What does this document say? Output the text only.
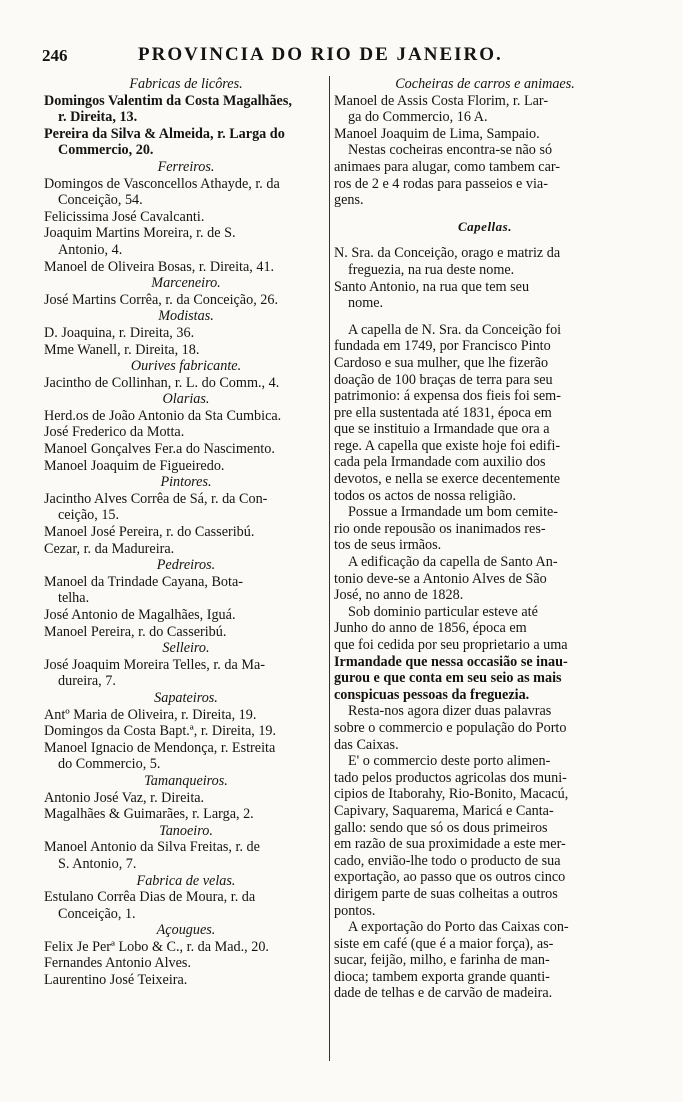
246	PROVINCIA DO RIO DE JANEIRO.
Fabricas de licôres.
Domingos Valentim da Costa Magalhães,
r. Direita, 13.
Pereira da Silva & Almeida, r. Larga do
Commercio, 20.
Ferreiros.
Domingos de Vasconcellos Athayde, r. da
Conceição, 54.
Felicissima José Cavalcanti.
Joaquim Martins Moreira, r. de S.
Antonio, 4.
Manoel de Oliveira Bosas, r. Direita, 41.
Marceneiro.
José Martins Corrêa, r. da Conceição, 26.
Modistas.
D. Joaquina, r. Direita, 36.
Mme Wanell, r. Direita, 18.
Ourives fabricante.
Jacintho de Collinhan, r. L. do Comm., 4.
Olarias.
Herd.os de João Antonio da Sta Cumbica.
José Frederico da Motta.
Manoel Gonçalves Fer.a do Nascimento.
Manoel Joaquim de Figueiredo.
Pintores.
Jacintho Alves Corrêa de Sá, r. da Con-
ceição, 15.
Manoel José Pereira, r. do Casseribú.
Cezar, r. da Madureira.
Pedreiros.
Manoel da Trindade Cayana, Bota-
telha.
José Antonio de Magalhães, Iguá.
Manoel Pereira, r. do Casseribú.
Selleiro.
José Joaquim Moreira Telles, r. da Ma-
dureira, 7.
Sapateiros.
Antº Maria de Oliveira, r. Direita, 19.
Domingos da Costa Bapt.ª, r. Direita, 19.
Manoel Ignacio de Mendonça, r. Estreita
do Commercio, 5.
Tamanqueiros.
Antonio José Vaz, r. Direita.
Magalhães & Guimarães, r. Larga, 2.
Tanoeiro.
Manoel Antonio da Silva Freitas, r. de
S. Antonio, 7.
Fabrica de velas.
Estulano Corrêa Dias de Moura, r. da
Conceição, 1.
Açougues.
Felix Je Perª Lobo & C., r. da Mad., 20.
Fernandes Antonio Alves.
Laurentino José Teixeira.
Cocheiras de carros e animaes.
Manoel de Assis Costa Florim, r. Lar-
ga do Commercio, 16 A.
Manoel Joaquim de Lima, Sampaio.
Nestas cocheiras encontra-se não só
animaes para alugar, como tambem car-
ros de 2 e 4 rodas para passeios e via-
gens.
Capellas.
N. Sra. da Conceição, orago e matriz da
freguezia, na rua deste nome.
Santo Antonio, na rua que tem seu
nome.
A capella de N. Sra. da Conceição foi
fundada em 1749, por Francisco Pinto
Cardoso e sua mulher, que lhe fizerão
doação de 100 braças de terra para seu
patrimonio: á expensa dos fieis foi sem-
pre ella sustentada até 1831, época em
que se instituio a Irmandade que ora a
rege. A capella que existe hoje foi edifi-
cada pela Irmandade com auxilio dos
devotos, e nella se exerce decentemente
todos os actos de nossa religião.
Possue a Irmandade um bom cemite-
rio onde repousão os inanimados res-
tos de seus irmãos.
A edificação da capella de Santo An-
tonio deve-se a Antonio Alves de São
José, no anno de 1828.
Sob dominio particular esteve até
Junho do anno de 1856, época em
que foi cedida por seu proprietario a uma
Irmandade que nessa occasião se inau-
gurou e que conta em seu seio as mais
conspicuas pessoas da freguezia.
Resta-nos agora dizer duas palavras
sobre o commercio e população do Porto
das Caixas.
E' o commercio deste porto alimen-
tado pelos productos agricolas dos muni-
cipios de Itaborahy, Rio-Bonito, Macacú,
Capivary, Saquarema, Maricá e Canta-
gallo: sendo que só os dous primeiros
em razão de sua proximidade a este mer-
cado, envião-lhe todo o producto de sua
exportação, ao passo que os outros cinco
dirigem parte de suas colheitas a outros
pontos.
A exportação do Porto das Caixas con-
siste em café (que é a maior força), as-
sucar, feijão, milho, e farinha de man-
dioca; tambem exporta grande quanti-
dade de telhas e de carvão de madeira.
